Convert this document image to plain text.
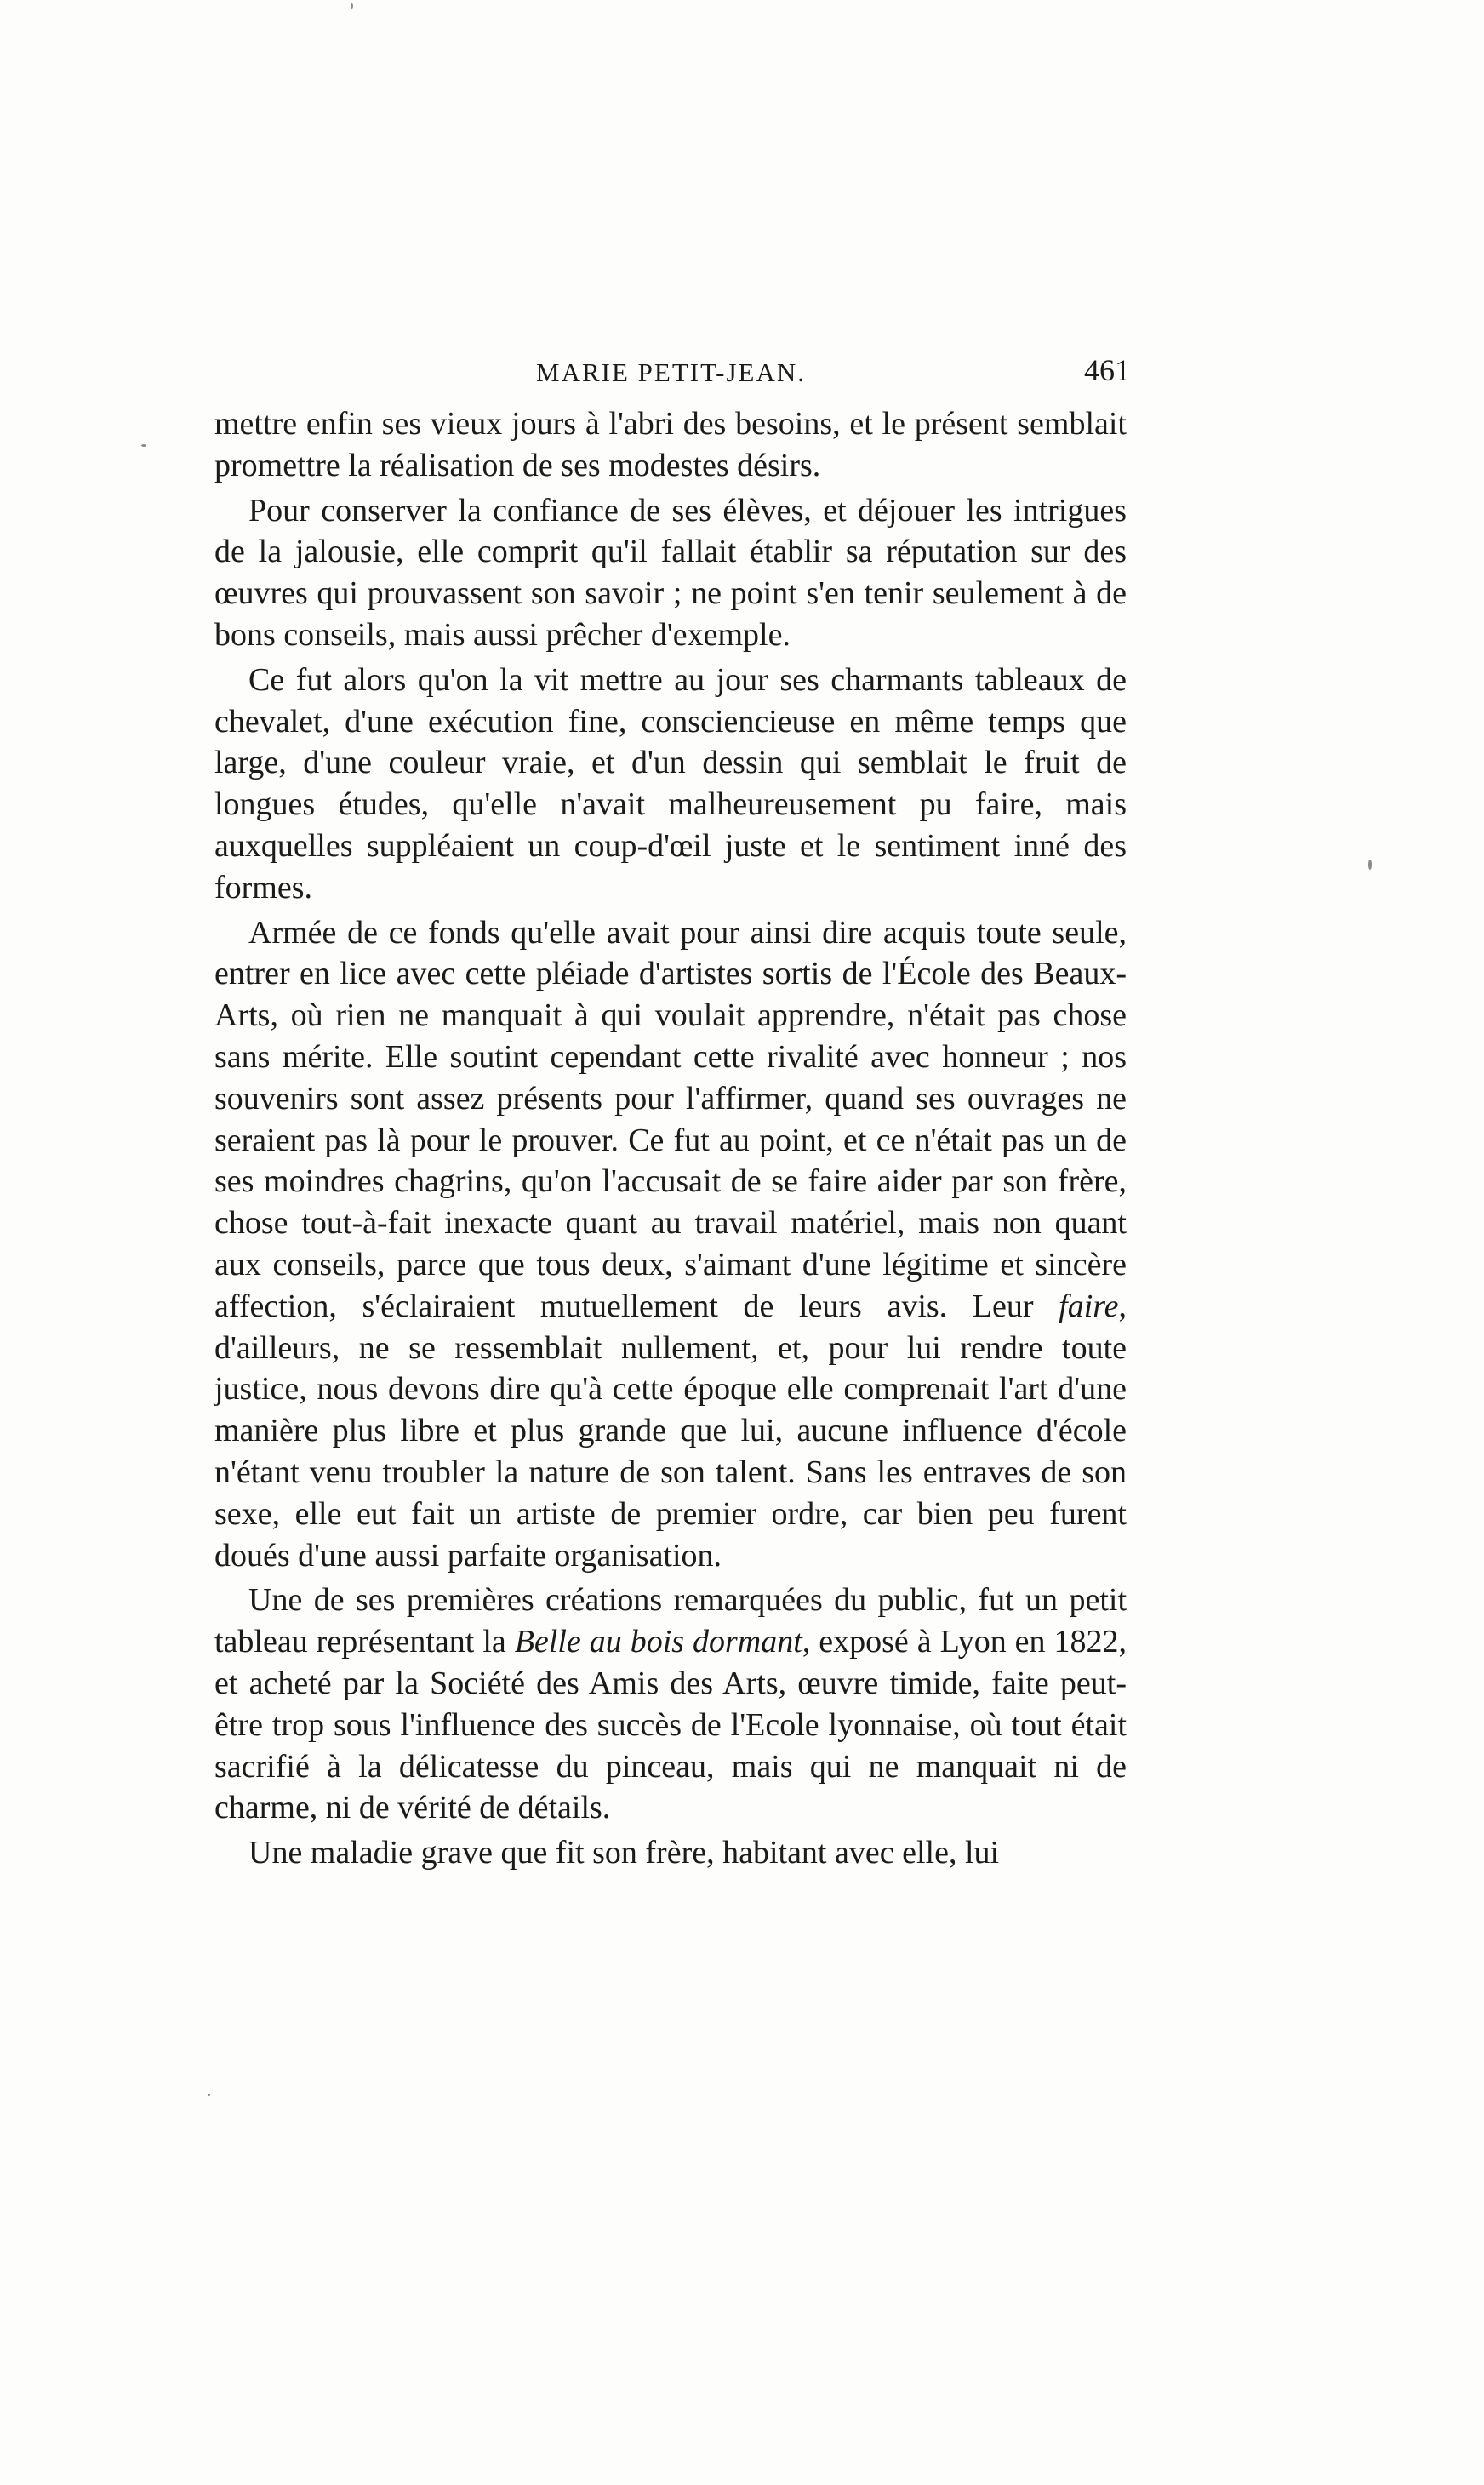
MARIE PETIT-JEAN.	461

mettre enfin ses vieux jours à l'abri des besoins, et le présent semblait promettre la réalisation de ses modestes désirs.

Pour conserver la confiance de ses élèves, et déjouer les intrigues de la jalousie, elle comprit qu'il fallait établir sa réputation sur des œuvres qui prouvassent son savoir ; ne point s'en tenir seulement à de bons conseils, mais aussi prêcher d'exemple.

Ce fut alors qu'on la vit mettre au jour ses charmants tableaux de chevalet, d'une exécution fine, consciencieuse en même temps que large, d'une couleur vraie, et d'un dessin qui semblait le fruit de longues études, qu'elle n'avait malheureusement pu faire, mais auxquelles suppléaient un coup-d'œil juste et le sentiment inné des formes.

Armée de ce fonds qu'elle avait pour ainsi dire acquis toute seule, entrer en lice avec cette pléiade d'artistes sortis de l'École des Beaux-Arts, où rien ne manquait à qui voulait apprendre, n'était pas chose sans mérite. Elle soutint cependant cette rivalité avec honneur ; nos souvenirs sont assez présents pour l'affirmer, quand ses ouvrages ne seraient pas là pour le prouver. Ce fut au point, et ce n'était pas un de ses moindres chagrins, qu'on l'accusait de se faire aider par son frère, chose tout-à-fait inexacte quant au travail matériel, mais non quant aux conseils, parce que tous deux, s'aimant d'une légitime et sincère affection, s'éclairaient mutuellement de leurs avis. Leur faire, d'ailleurs, ne se ressemblait nullement, et, pour lui rendre toute justice, nous devons dire qu'à cette époque elle comprenait l'art d'une manière plus libre et plus grande que lui, aucune influence d'école n'étant venu troubler la nature de son talent. Sans les entraves de son sexe, elle eut fait un artiste de premier ordre, car bien peu furent doués d'une aussi parfaite organisation.

Une de ses premières créations remarquées du public, fut un petit tableau représentant la Belle au bois dormant, exposé à Lyon en 1822, et acheté par la Société des Amis des Arts, œuvre timide, faite peut-être trop sous l'influence des succès de l'Ecole lyonnaise, où tout était sacrifié à la délicatesse du pinceau, mais qui ne manquait ni de charme, ni de vérité de détails.

Une maladie grave que fit son frère, habitant avec elle, lui
